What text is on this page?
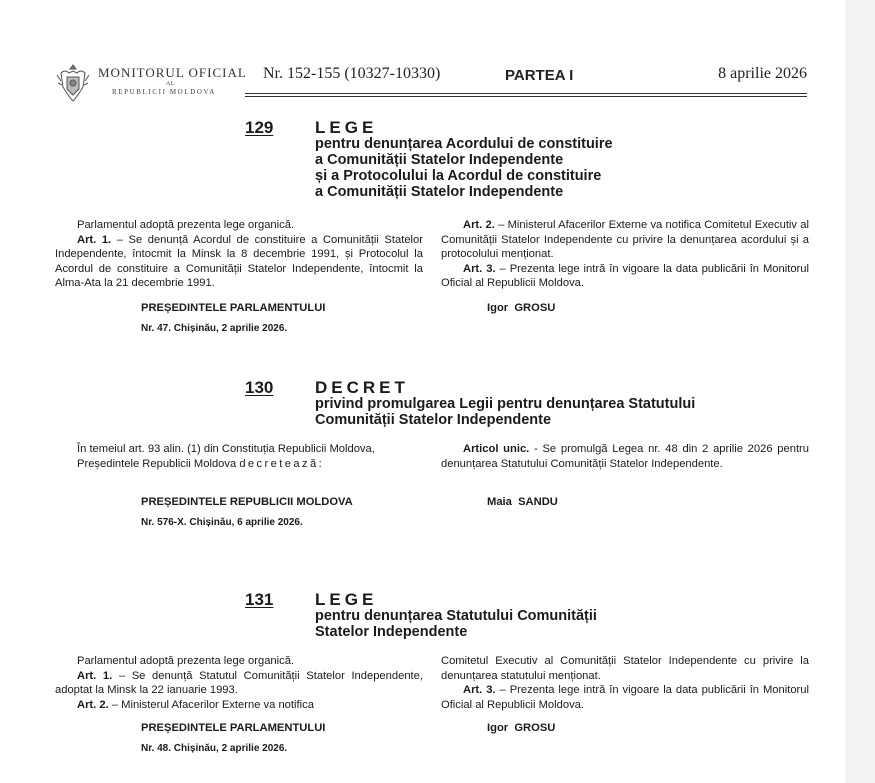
MONITORUL OFICIAL
AL
REPUBLICII MOLDOVA
Nr. 152-155 (10327-10330)	PARTEA I	8 aprilie 2026
129 LEGE
pentru denunțarea Acordului de constituire
a Comunității Statelor Independente
și a Protocolului la Acordul de constituire
a Comunității Statelor Independente

Parlamentul adoptă prezenta lege organică.

Art. 1. – Se denunță Acordul de constituire a Comunității Statelor Independente, întocmit la Minsk la 8 decembrie 1991, și Protocolul la Acordul de constituire a Comunității Statelor Independente, întocmit la Alma-Ata la 21 decembrie 1991.

Art. 2. – Ministerul Afacerilor Externe va notifica Comitetul Executiv al Comunității Statelor Independente cu privire la denunțarea acordului și a protocolului menționat.

Art. 3. – Prezenta lege intră în vigoare la data publicării în Monitorul Oficial al Republicii Moldova.

PREȘEDINTELE PARLAMENTULUI	Igor  GROSU
Nr. 47. Chișinău, 2 aprilie 2026.
130 DECRET
privind promulgarea Legii pentru denunțarea Statutului
Comunității Statelor Independente

În temeiul art. 93 alin. (1) din Constituția Republicii Moldova,

Președintele Republicii Moldova decretează:

Articol unic. - Se promulgă Legea nr. 48 din 2 aprilie 2026 pentru denunțarea Statutului Comunității Statelor Independente.

PREȘEDINTELE REPUBLICII MOLDOVA	Maia  SANDU
Nr. 576-X. Chișinău, 6 aprilie 2026.
131 LEGE
pentru denunțarea Statutului Comunității
Statelor Independente

Parlamentul adoptă prezenta lege organică.

Art. 1. – Se denunță Statutul Comunității Statelor Independente, adoptat la Minsk la 22 ianuarie 1993.

Art. 2. – Ministerul Afacerilor Externe va notifica

Comitetul Executiv al Comunității Statelor Independente cu privire la denunțarea statutului menționat.

Art. 3. – Prezenta lege intră în vigoare la data publicării în Monitorul Oficial al Republicii Moldova.

PREȘEDINTELE PARLAMENTULUI	Igor  GROSU
Nr. 48. Chișinău, 2 aprilie 2026.
